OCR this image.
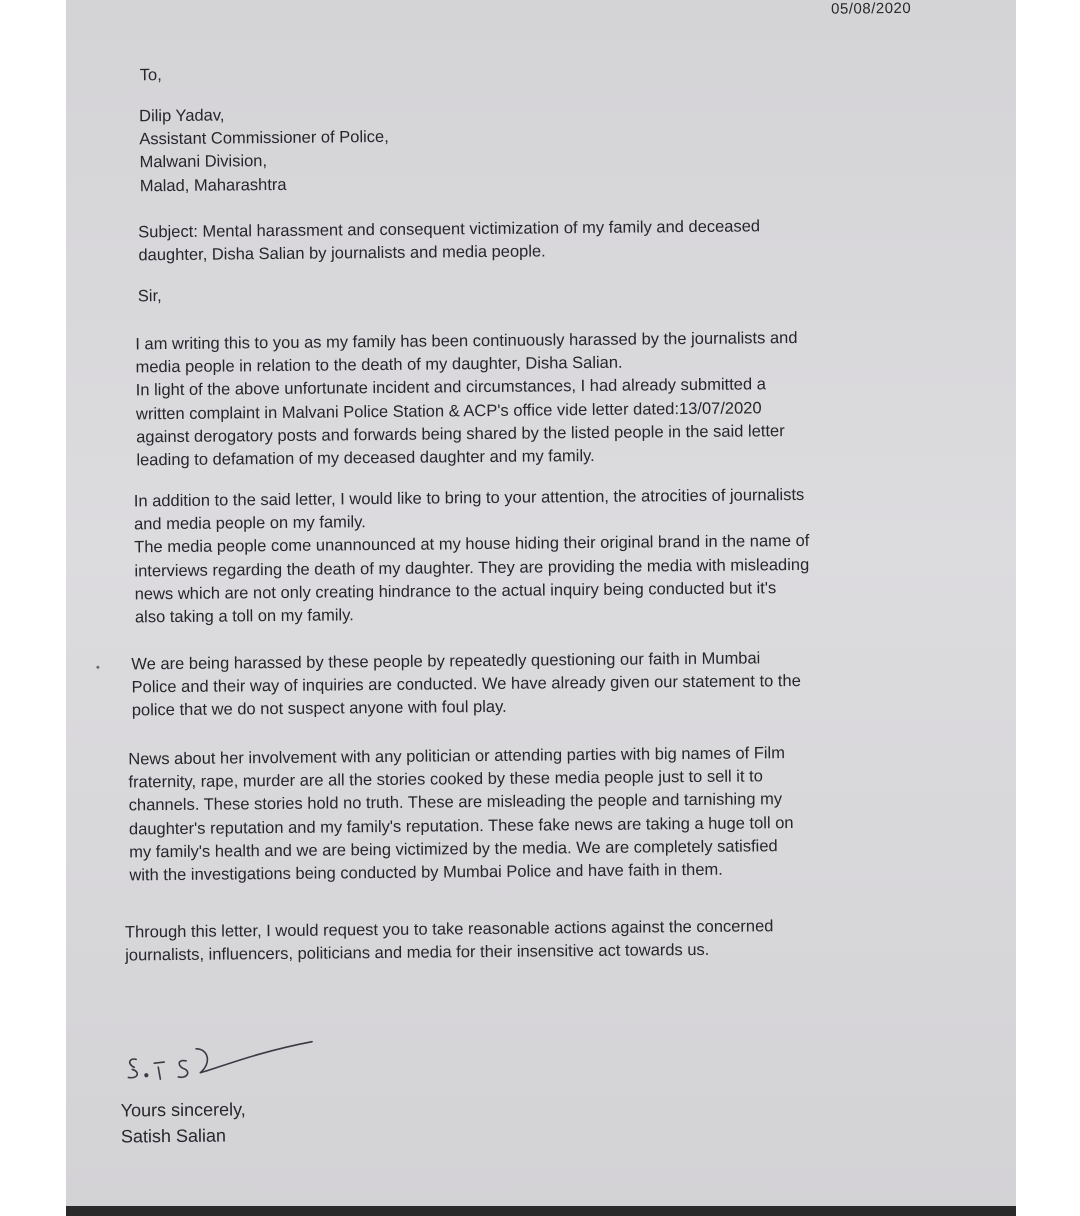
05/08/2020
To,
Dilip Yadav,
Assistant Commissioner of Police,
Malwani Division,
Malad, Maharashtra
Subject: Mental harassment and consequent victimization of my family and deceased
daughter, Disha Salian by journalists and media people.
Sir,
I am writing this to you as my family has been continuously harassed by the journalists and
media people in relation to the death of my daughter, Disha Salian.
In light of the above unfortunate incident and circumstances, I had already submitted a
written complaint in Malvani Police Station & ACP's office vide letter dated:13/07/2020
against derogatory posts and forwards being shared by the listed people in the said letter
leading to defamation of my deceased daughter and my family.
In addition to the said letter, I would like to bring to your attention, the atrocities of journalists
and media people on my family.
The media people come unannounced at my house hiding their original brand in the name of
interviews regarding the death of my daughter. They are providing the media with misleading
news which are not only creating hindrance to the actual inquiry being conducted but it's
also taking a toll on my family.
We are being harassed by these people by repeatedly questioning our faith in Mumbai
Police and their way of inquiries are conducted. We have already given our statement to the
police that we do not suspect anyone with foul play.
News about her involvement with any politician or attending parties with big names of Film
fraternity, rape, murder are all the stories cooked by these media people just to sell it to
channels. These stories hold no truth. These are misleading the people and tarnishing my
daughter's reputation and my family's reputation. These fake news are taking a huge toll on
my family's health and we are being victimized by the media. We are completely satisfied
with the investigations being conducted by Mumbai Police and have faith in them.
Through this letter, I would request you to take reasonable actions against the concerned
journalists, influencers, politicians and media for their insensitive act towards us.
Yours sincerely,
Satish Salian
